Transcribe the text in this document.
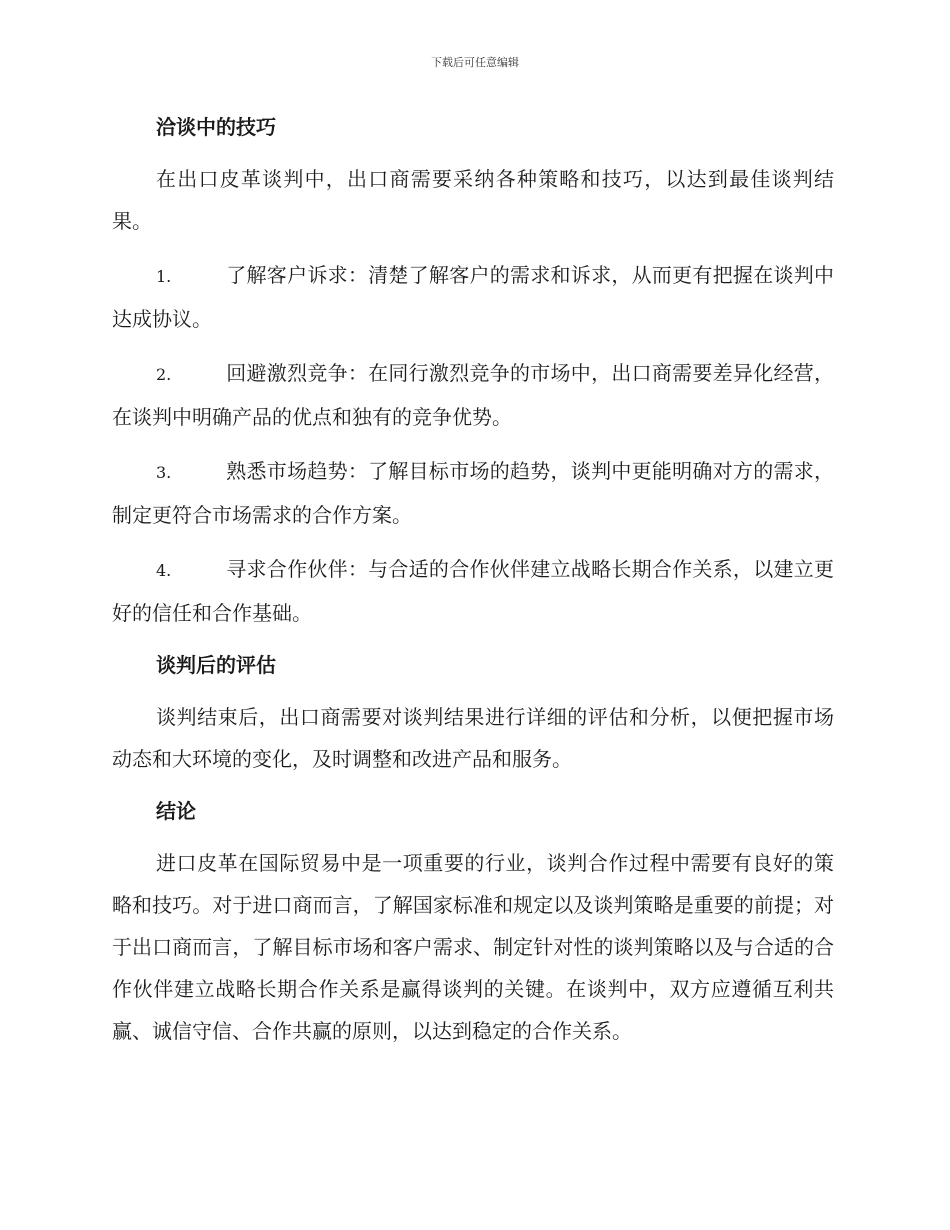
下载后可任意编辑
洽谈中的技巧

在出口皮革谈判中，出口商需要采纳各种策略和技巧，以达到最佳谈判结果。

1.	了解客户诉求：清楚了解客户的需求和诉求，从而更有把握在谈判中达成协议。

2.	回避激烈竞争：在同行激烈竞争的市场中，出口商需要差异化经营，在谈判中明确产品的优点和独有的竞争优势。

3.	熟悉市场趋势：了解目标市场的趋势，谈判中更能明确对方的需求，制定更符合市场需求的合作方案。

4.	寻求合作伙伴：与合适的合作伙伴建立战略长期合作关系，以建立更好的信任和合作基础。

谈判后的评估

谈判结束后，出口商需要对谈判结果进行详细的评估和分析，以便把握市场动态和大环境的变化，及时调整和改进产品和服务。

结论

进口皮革在国际贸易中是一项重要的行业，谈判合作过程中需要有良好的策略和技巧。对于进口商而言，了解国家标准和规定以及谈判策略是重要的前提；对于出口商而言，了解目标市场和客户需求、制定针对性的谈判策略以及与合适的合作伙伴建立战略长期合作关系是赢得谈判的关键。在谈判中，双方应遵循互利共赢、诚信守信、合作共赢的原则，以达到稳定的合作关系。
